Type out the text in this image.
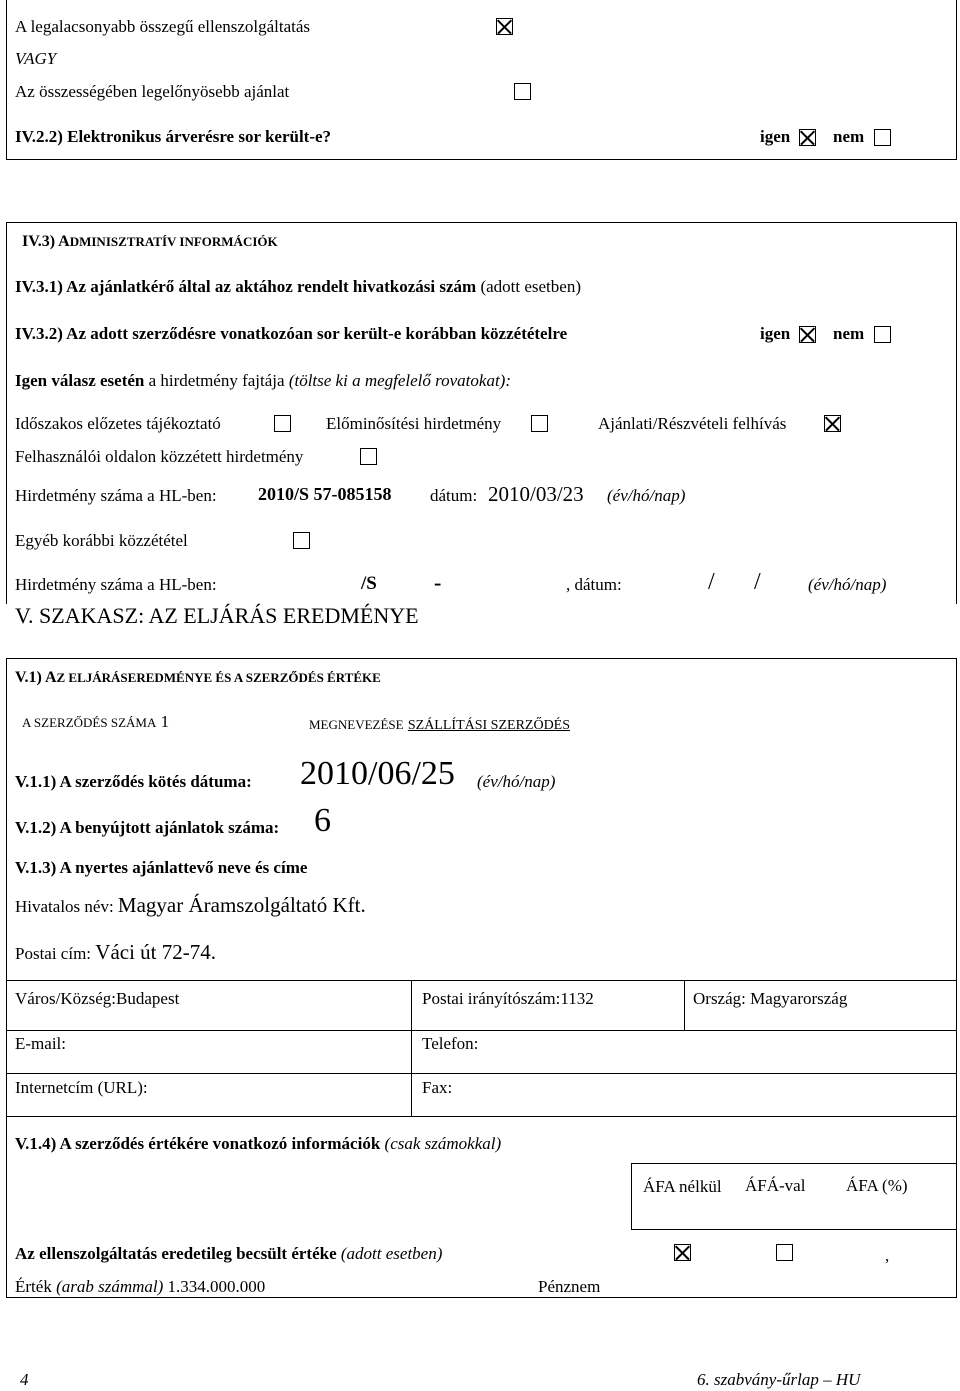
A legalacsonyabb összegű ellenszolgáltatás
VAGY
Az összességében legelőnyösebb ajánlat
IV.2.2) Elektronikus árverésre sor került-e?	igen	nem
IV.3) ADMINISZTRATÍV INFORMÁCIÓK
IV.3.1) Az ajánlatkérő által az aktához rendelt hivatkozási szám (adott esetben)
IV.3.2) Az adott szerződésre vonatkozóan sor került-e korábban közzétételre	igen	nem
Igen válasz esetén a hirdetmény fajtája (töltse ki a megfelelő rovatokat):
Időszakos előzetes tájékoztató	Előminősítési hirdetmény	Ajánlati/Részvételi felhívás
Felhasználói oldalon közzétett hirdetmény
Hirdetmény száma a HL-ben: 2010/S 57-085158 dátum: 2010/03/23 (év/hó/nap)
Egyéb korábbi közzététel
Hirdetmény száma a HL-ben:	/S	-	, dátum:	/ /	(év/hó/nap)
V. SZAKASZ: AZ ELJÁRÁS EREDMÉNYE
V.1) AZ ELJÁRÁSEREDMÉNYE ÉS A SZERZŐDÉS ÉRTÉKE
A SZERZŐDÉS SZÁMA 1	MEGNEVEZÉSE SZÁLLÍTÁSI SZERZŐDÉS
V.1.1) A szerződés kötés dátuma: 2010/06/25 (év/hó/nap)
V.1.2) A benyújtott ajánlatok száma: 6
V.1.3) A nyertes ajánlattevő neve és címe
Hivatalos név: Magyar Áramszolgáltató Kft.
Postai cím: Váci út 72-74.
Város/Község:Budapest	Postai irányítószám:1132	Ország: Magyarország
E-mail:	Telefon:
Internetcím (URL):	Fax:
V.1.4) A szerződés értékére vonatkozó információk (csak számokkal)
ÁFA nélkül ÁFÁ-val ÁFA (%)
Az ellenszolgáltatás eredetileg becsült értéke (adott esetben)	,
Érték (arab számmal) 1.334.000.000	Pénznem
4	6. szabvány-űrlap – HU
